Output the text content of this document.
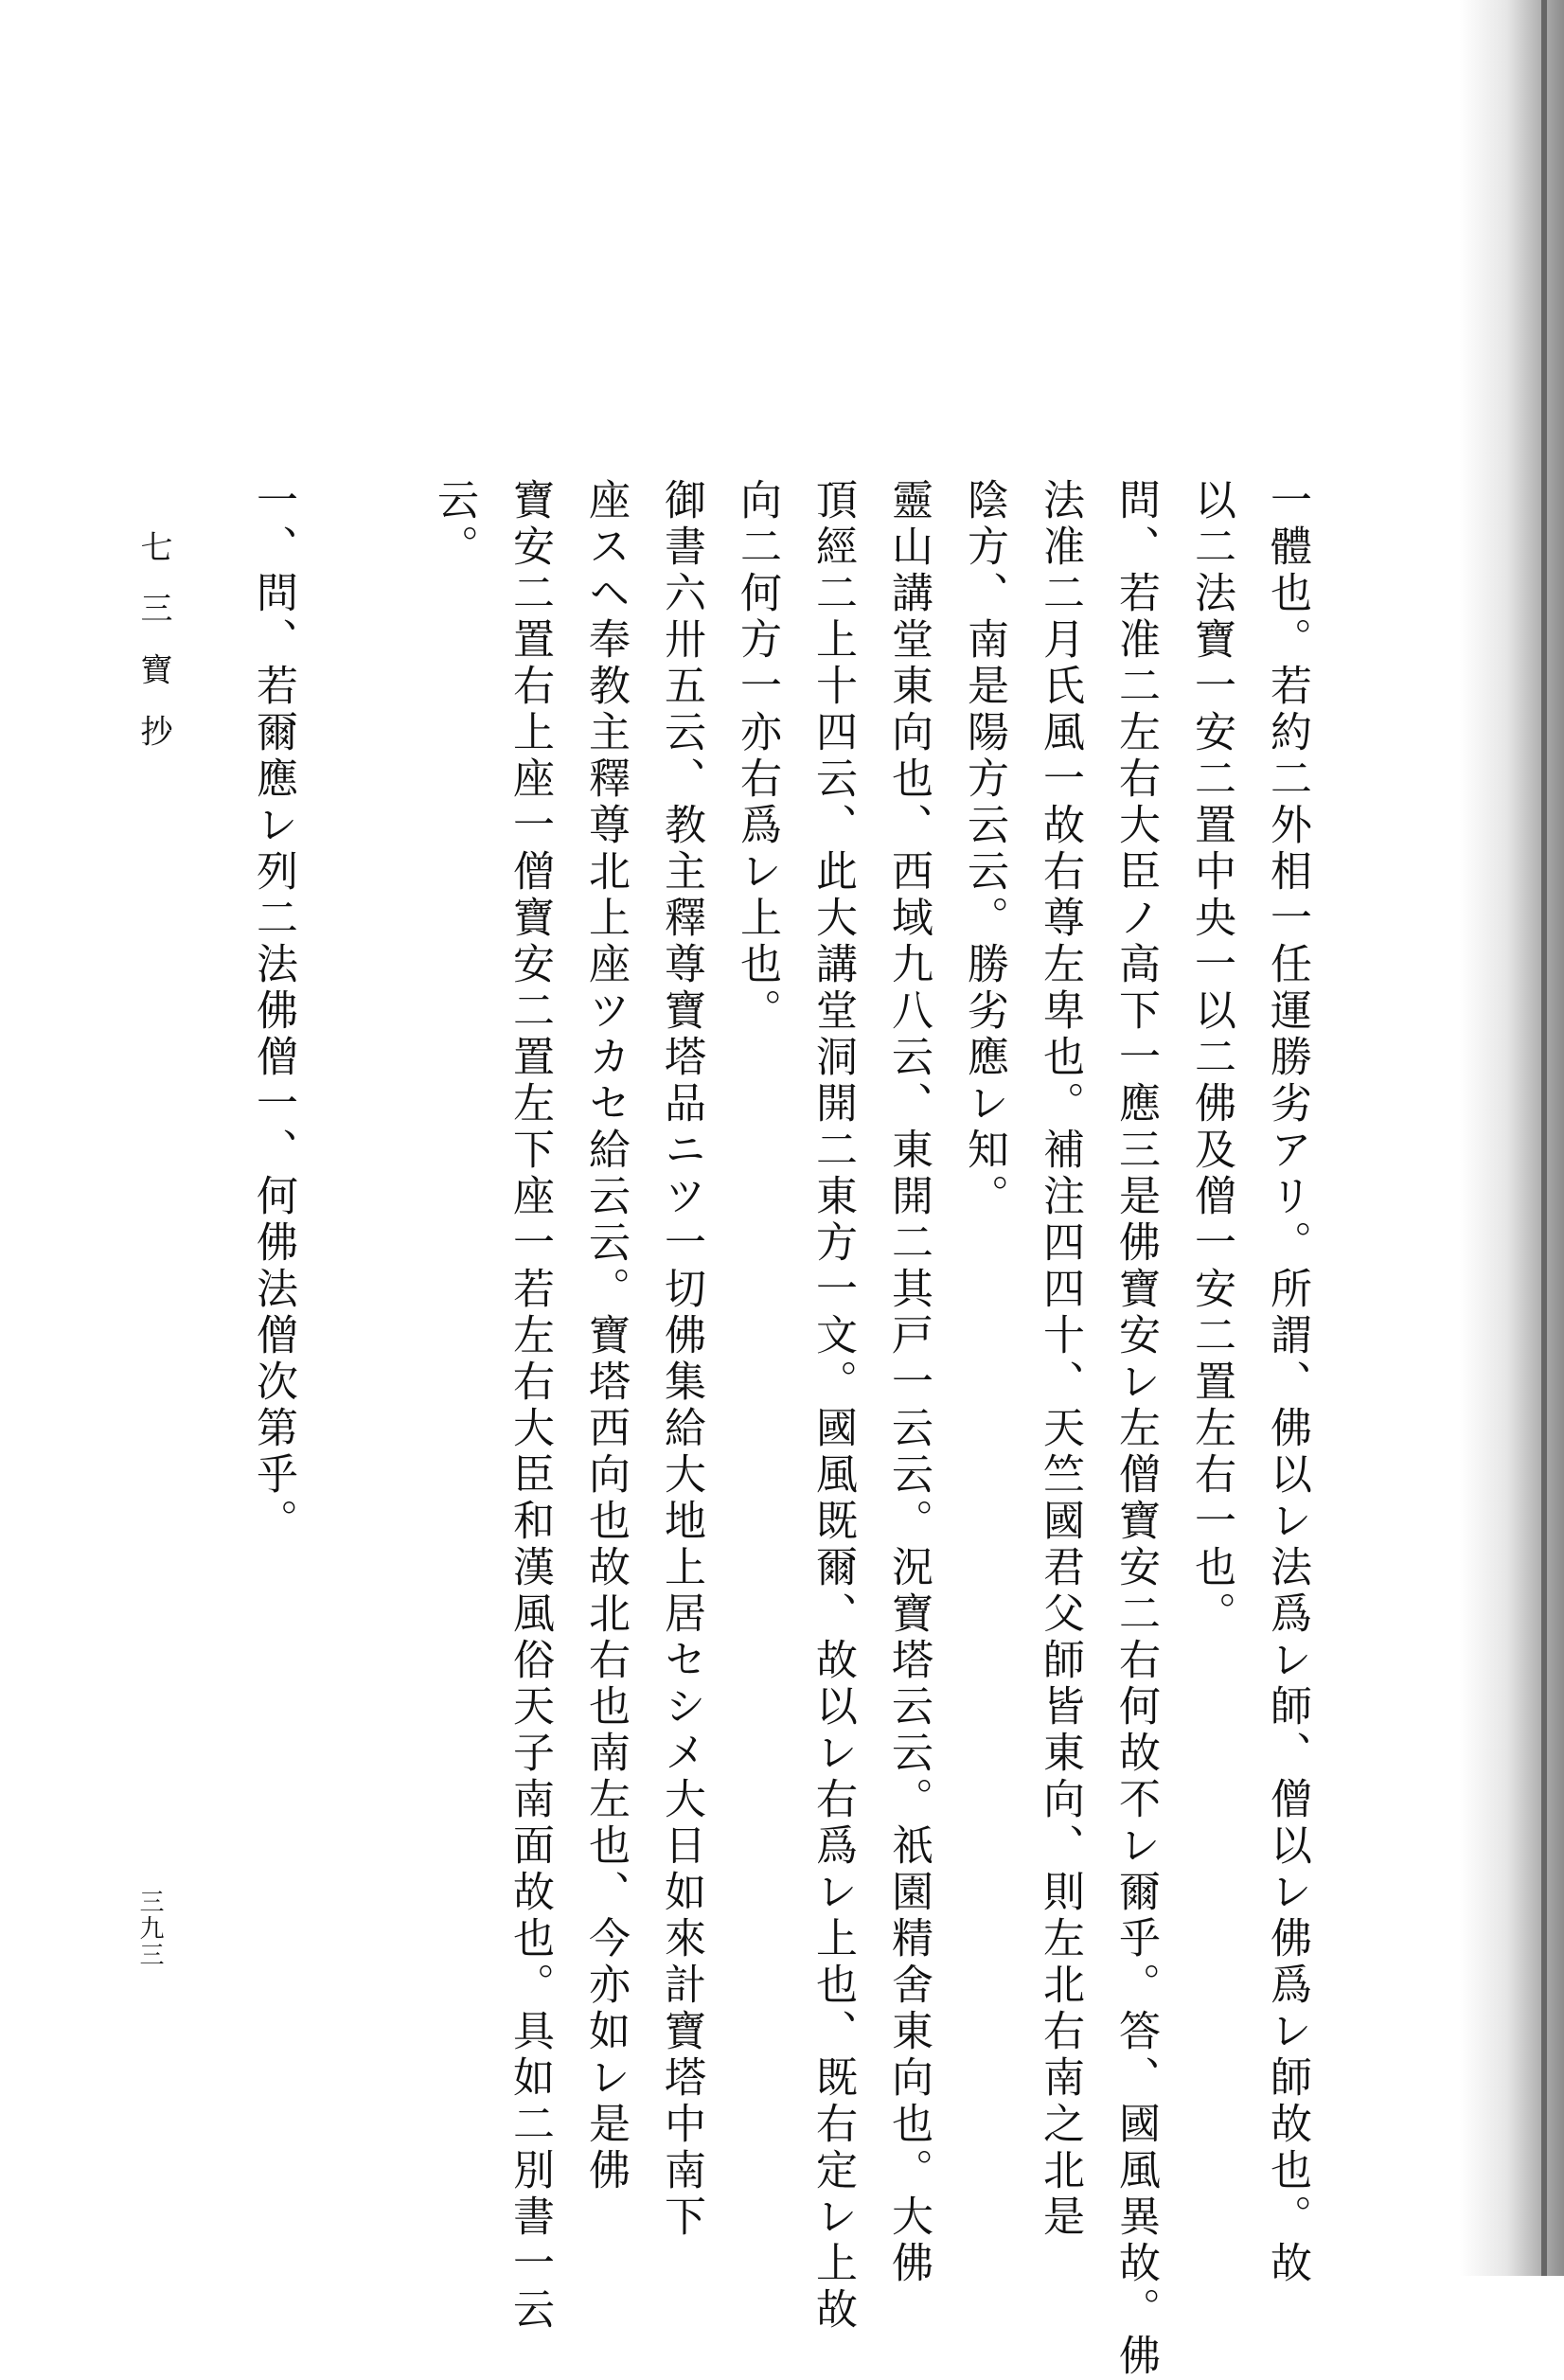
一體也。若約二外相一任運勝劣アリ。所謂、佛以レ法爲レ師、僧以レ佛爲レ師故也。故
以二法寶一安二置中央一以二佛及僧一安二置左右一也。
問、若准二左右大臣ノ高下一應三是佛寶安レ左僧寶安二右何故不レ爾乎。答、國風異故。佛
法准二月氏風一故右尊左卑也。補注四四十、天竺國君父師皆東向、則左北右南之北是
陰方、南是陽方云云。勝劣應レ知。
靈山講堂東向也、西域九八云、東開二其戸一云云。況寶塔云云。祇園精舍東向也。大佛
頂經二上十四云、此大講堂洞開二東方一文。國風既爾、故以レ右爲レ上也、既右定レ上故
向二何方一亦右爲レ上也。
御書六卅五云、教主釋尊寶塔品ニツ一切佛集給大地上居セシメ大日如來計寶塔中南下
座スヘ奉教主釋尊北上座ツカセ給云云。寶塔西向也故北右也南左也、今亦如レ是佛
寶安二置右上座一僧寶安二置左下座一若左右大臣和漢風俗天子南面故也。具如二別書一云
云。
一、問、若爾應レ列二法佛僧一、何佛法僧次第乎。
七 三 寶 抄
三九三
